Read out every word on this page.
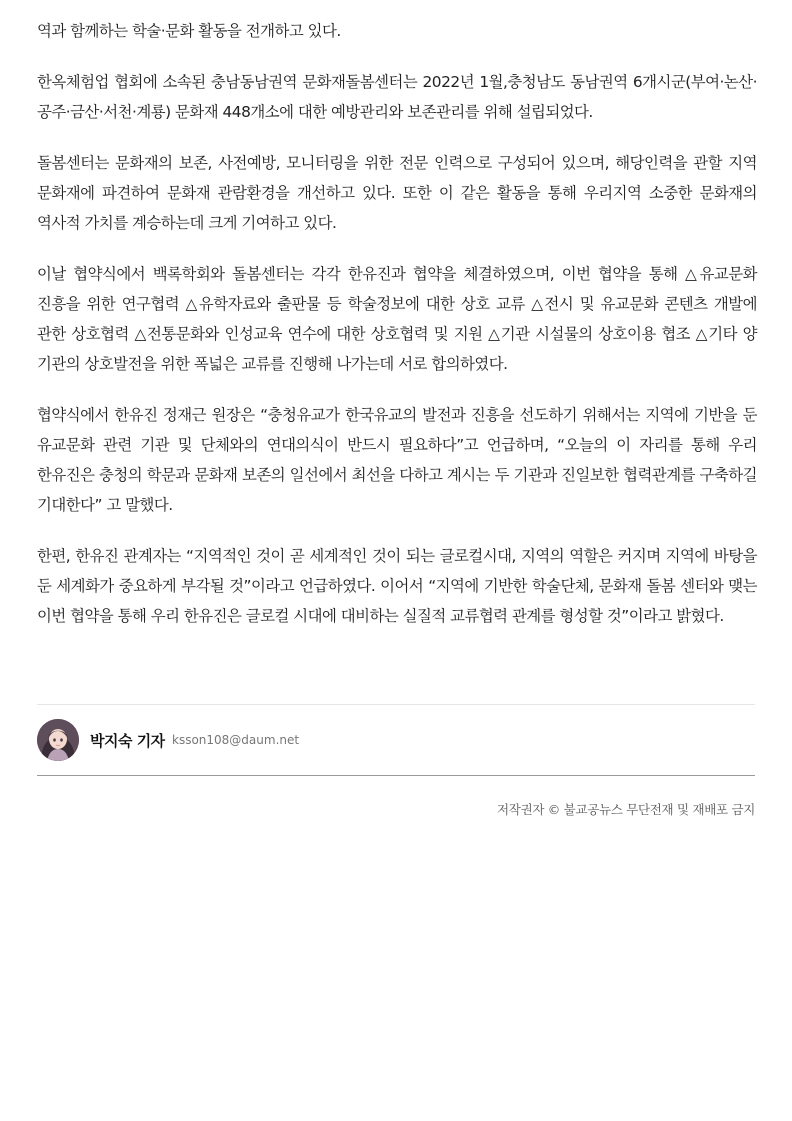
역과 함께하는 학술·문화 활동을 전개하고 있다.

한옥체험업 협회에 소속된 충남동남권역 문화재돌봄센터는 2022년 1월,충청남도 동남권역 6개시군(부여·논산·공주·금산·서천·계룡) 문화재 448개소에 대한 예방관리와 보존관리를 위해 설립되었다.

돌봄센터는 문화재의 보존, 사전예방, 모니터링을 위한 전문 인력으로 구성되어 있으며, 해당인력을 관할 지역 문화재에 파견하여 문화재 관람환경을 개선하고 있다. 또한 이 같은 활동을 통해 우리지역 소중한 문화재의 역사적 가치를 계승하는데 크게 기여하고 있다.

이날 협약식에서 백록학회와 돌봄센터는 각각 한유진과 협약을 체결하였으며, 이번 협약을 통해 △유교문화 진흥을 위한 연구협력 △유학자료와 출판물 등 학술정보에 대한 상호 교류 △전시 및 유교문화 콘텐츠 개발에 관한 상호협력 △전통문화와 인성교육 연수에 대한 상호협력 및 지원 △기관 시설물의 상호이용 협조 △기타 양 기관의 상호발전을 위한 폭넓은 교류를 진행해 나가는데 서로 합의하였다.

협약식에서 한유진 정재근 원장은 “충청유교가 한국유교의 발전과 진흥을 선도하기 위해서는 지역에 기반을 둔 유교문화 관련 기관 및 단체와의 연대의식이 반드시 필요하다”고 언급하며, “오늘의 이 자리를 통해 우리 한유진은 충청의 학문과 문화재 보존의 일선에서 최선을 다하고 계시는 두 기관과 진일보한 협력관계를 구축하길 기대한다” 고 말했다.

한편, 한유진 관계자는 “지역적인 것이 곧 세계적인 것이 되는 글로컬시대, 지역의 역할은 커지며 지역에 바탕을 둔 세계화가 중요하게 부각될 것”이라고 언급하였다. 이어서 “지역에 기반한 학술단체, 문화재 돌봄 센터와 맺는 이번 협약을 통해 우리 한유진은 글로컬 시대에 대비하는 실질적 교류협력 관계를 형성할 것”이라고 밝혔다.

박지숙 기자 ksson108@daum.net
저작권자 © 불교공뉴스 무단전재 및 재배포 금지
